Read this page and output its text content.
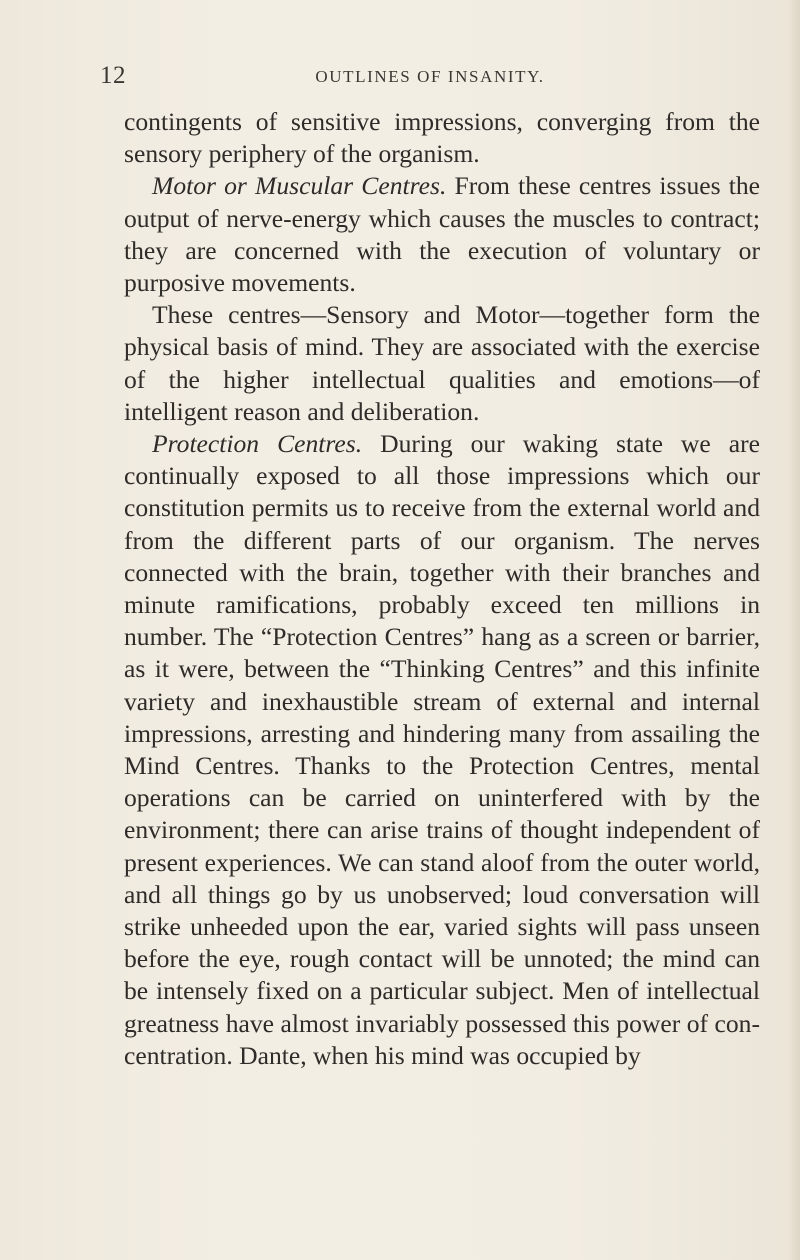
12	OUTLINES OF INSANITY.

contingents of sensitive impressions, converging from the sensory periphery of the organism.

Motor or Muscular Centres. From these centres issues the output of nerve-energy which causes the muscles to contract; they are concerned with the execution of voluntary or purposive movements.

These centres—Sensory and Motor—together form the physical basis of mind. They are associated with the exercise of the higher intellectual qualities and emotions—of intelligent reason and deliberation.

Protection Centres. During our waking state we are continually exposed to all those impressions which our constitution permits us to receive from the external world and from the different parts of our organism. The nerves connected with the brain, together with their branches and minute ramifications, probably exceed ten millions in number. The “Protection Centres” hang as a screen or barrier, as it were, between the “Thinking Centres” and this infinite variety and inexhaustible stream of external and internal impressions, arresting and hindering many from assailing the Mind Centres. Thanks to the Protection Centres, mental operations can be carried on uninterfered with by the environment; there can arise trains of thought independent of present experiences. We can stand aloof from the outer world, and all things go by us unobserved; loud conversation will strike unheeded upon the ear, varied sights will pass unseen before the eye, rough contact will be unnoted; the mind can be intensely fixed on a particular subject. Men of intellectual greatness have almost invariably possessed this power of concentration. Dante, when his mind was occupied by
